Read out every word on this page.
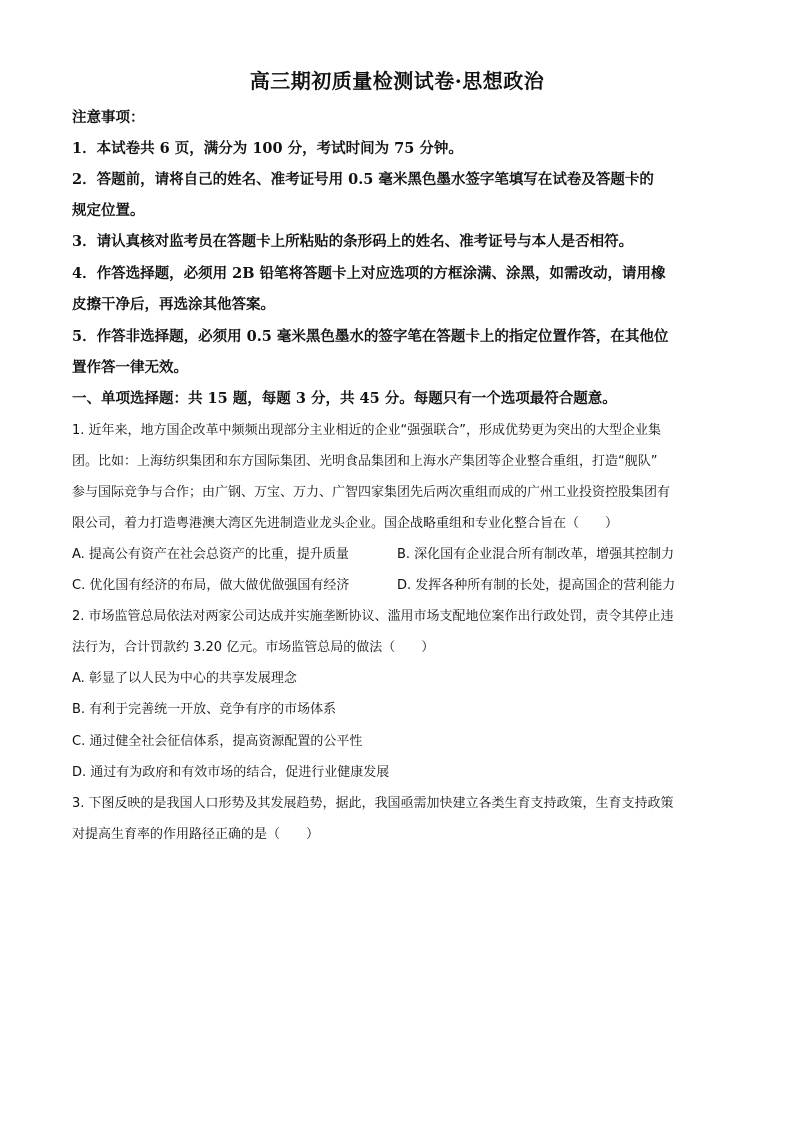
高三期初质量检测试卷·思想政治
注意事项：
1．本试卷共 6 页，满分为 100 分，考试时间为 75 分钟。
2．答题前，请将自己的姓名、准考证号用 0.5 毫米黑色墨水签字笔填写在试卷及答题卡的
规定位置。
3．请认真核对监考员在答题卡上所粘贴的条形码上的姓名、准考证号与本人是否相符。
4．作答选择题，必须用 2B 铅笔将答题卡上对应选项的方框涂满、涂黑，如需改动，请用橡
皮擦干净后，再选涂其他答案。
5．作答非选择题，必须用 0.5 毫米黑色墨水的签字笔在答题卡上的指定位置作答，在其他位
置作答一律无效。
一、单项选择题：共 15 题，每题 3 分，共 45 分。每题只有一个选项最符合题意。
1. 近年来，地方国企改革中频频出现部分主业相近的企业“强强联合”，形成优势更为突出的大型企业集
团。比如：上海纺织集团和东方国际集团、光明食品集团和上海水产集团等企业整合重组，打造“舰队”
参与国际竞争与合作；由广钢、万宝、万力、广智四家集团先后两次重组而成的广州工业投资控股集团有
限公司，着力打造粤港澳大湾区先进制造业龙头企业。国企战略重组和专业化整合旨在（　　）
A. 提高公有资产在社会总资产的比重，提升质量	B. 深化国有企业混合所有制改革，增强其控制力
C. 优化国有经济的布局，做大做优做强国有经济	D. 发挥各种所有制的长处，提高国企的营利能力
2. 市场监管总局依法对两家公司达成并实施垄断协议、滥用市场支配地位案作出行政处罚，责令其停止违
法行为，合计罚款约 3.20 亿元。市场监管总局的做法（　　）
A. 彰显了以人民为中心的共享发展理念
B. 有利于完善统一开放、竞争有序的市场体系
C. 通过健全社会征信体系，提高资源配置的公平性
D. 通过有为政府和有效市场的结合，促进行业健康发展
3. 下图反映的是我国人口形势及其发展趋势，据此，我国亟需加快建立各类生育支持政策，生育支持政策
对提高生育率的作用路径正确的是（　　）
